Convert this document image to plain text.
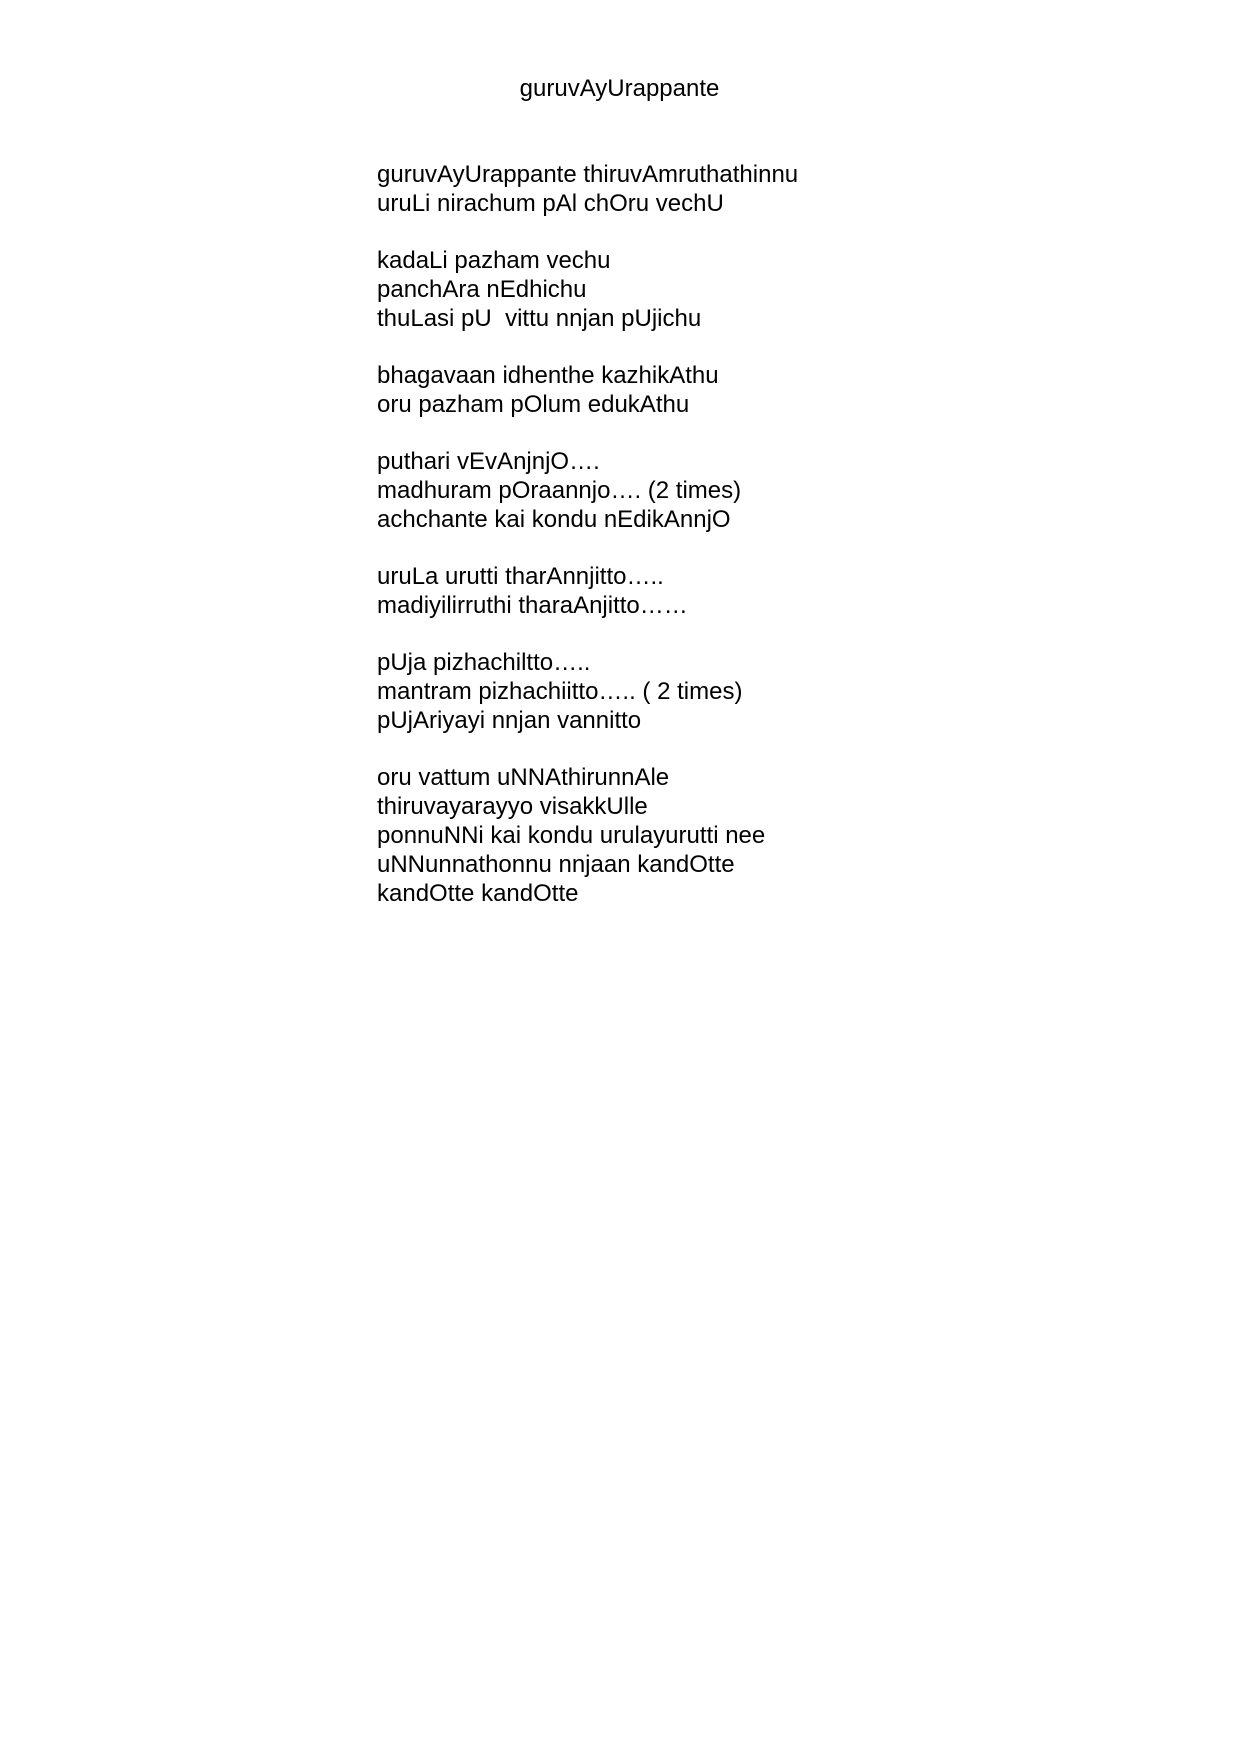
guruvAyUrappante
guruvAyUrappante thiruvAmruthathinnu
uruLi nirachum pAl chOru vechU
kadaLi pazham vechu
panchAra nEdhichu
thuLasi pU  vittu nnjan pUjichu
bhagavaan idhenthe kazhikAthu
oru pazham pOlum edukAthu
puthari vEvAnjnjO….
madhuram pOraannjo…. (2 times)
achchante kai kondu nEdikAnnjO
uruLa urutti tharAnnjitto…..
madiyilirruthi tharaAnjitto……
pUja pizhachiltto…..
mantram pizhachiitto….. ( 2 times)
pUjAriyayi nnjan vannitto
oru vattum uNNAthirunnAle
thiruvayarayyo visakkUlle
ponnuNNi kai kondu urulayurutti nee
uNNunnathonnu nnjaan kandOtte
kandOtte kandOtte
